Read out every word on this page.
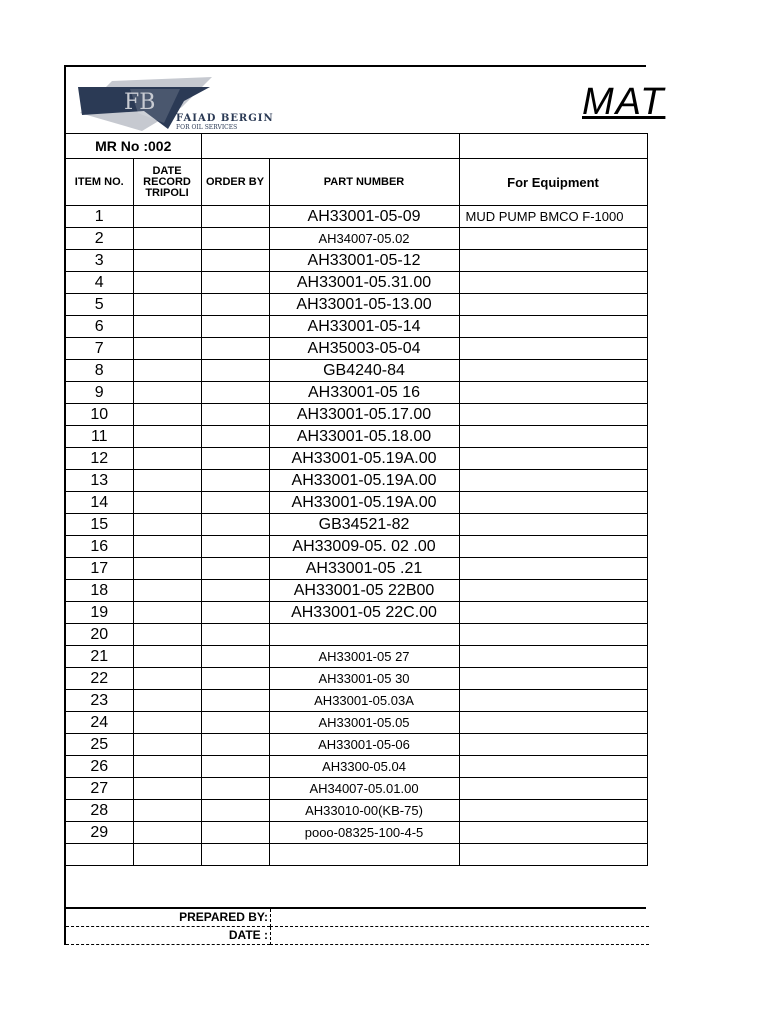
FB
FAIAD BERGIN
FOR OIL SERVICES
MAT
MR No :002				
ITEM NO.	DATE RECORD TRIPOLI	ORDER BY	PART NUMBER	For Equipment
1			AH33001-05-09	MUD PUMP BMCO F-1000
2			AH34007-05.02	
3			AH33001-05-12	
4			AH33001-05.31.00	
5			AH33001-05-13.00	
6			AH33001-05-14	
7			AH35003-05-04	
8			GB4240-84	
9			AH33001-05 16	
10			AH33001-05.17.00	
11			AH33001-05.18.00	
12			AH33001-05.19A.00	
13			AH33001-05.19A.00	
14			AH33001-05.19A.00	
15			GB34521-82	
16			AH33009-05. 02 .00	
17			AH33001-05 .21	
18			AH33001-05 22B00	
19			AH33001-05 22C.00	
20				
21			AH33001-05 27	
22			AH33001-05 30	
23			AH33001-05.03A	
24			AH33001-05.05	
25			AH33001-05-06	
26			AH3300-05.04	
27			AH34007-05.01.00	
28			AH33010-00(KB-75)	
29			pooo-08325-100-4-5	

PREPARED BY:
DATE :
